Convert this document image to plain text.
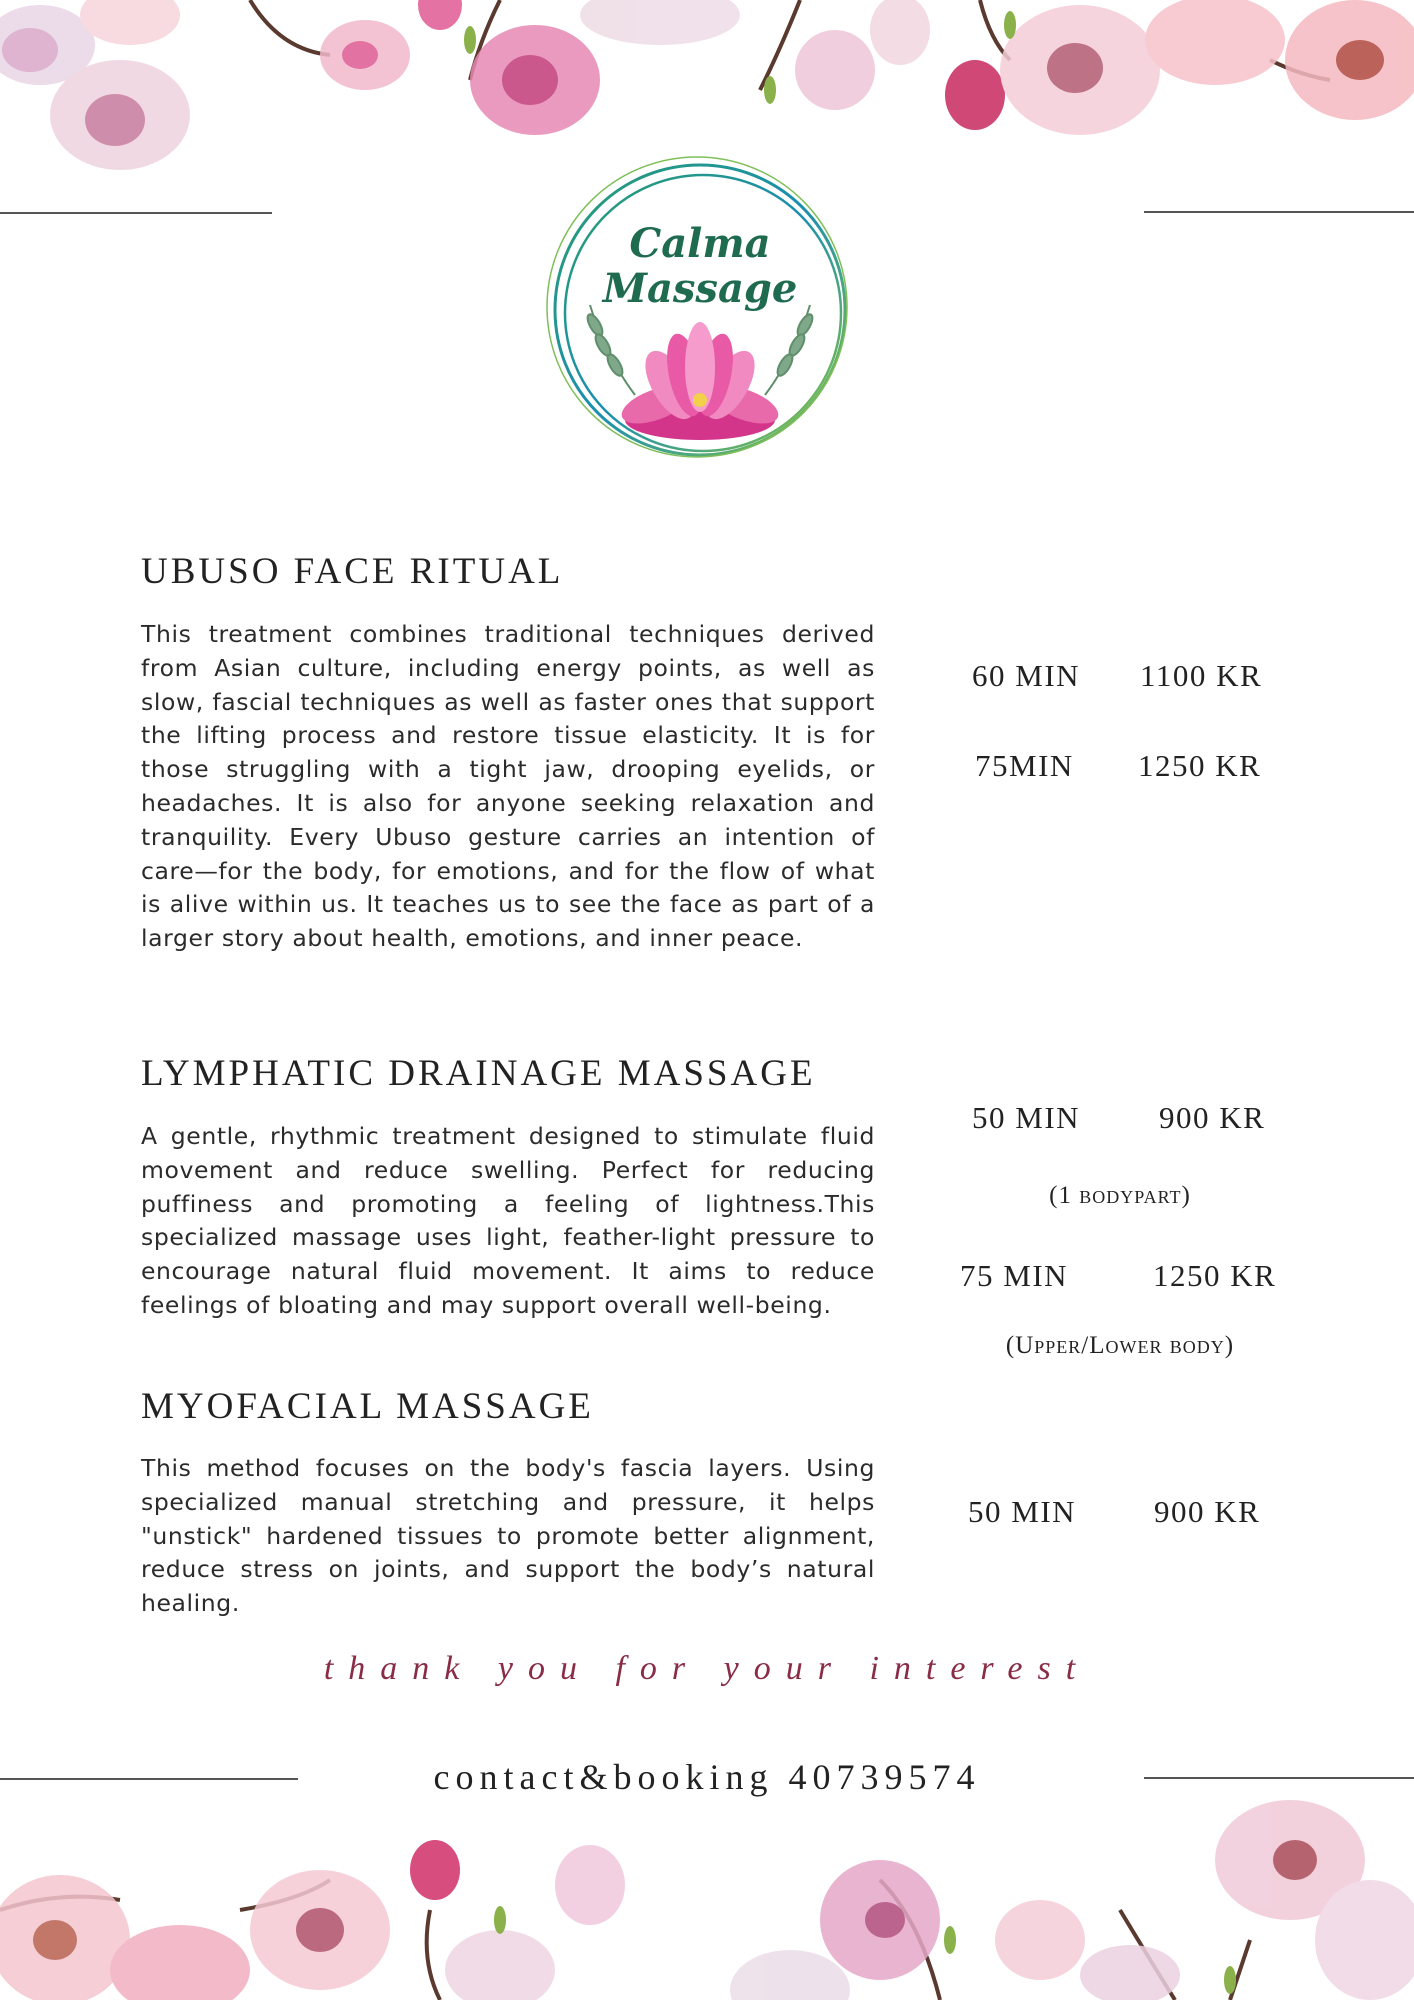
Calma
Massage
UBUSO FACE RITUAL
This treatment combines traditional techniques derived from Asian culture, including energy points, as well as slow, fascial techniques as well as faster ones that support the lifting process and restore tissue elasticity. It is for those struggling with a tight jaw, drooping eyelids, or headaches. It is also for anyone seeking relaxation and tranquility. Every Ubuso gesture carries an intention of care—for the body, for emotions, and for the flow of what is alive within us. It teaches us to see the face as part of a larger story about health, emotions, and inner peace.
60 MIN 1100 KR
75MIN 1250 KR
LYMPHATIC DRAINAGE MASSAGE
A gentle, rhythmic treatment designed to stimulate fluid movement and reduce swelling. Perfect for reducing puffiness and promoting a feeling of lightness.This specialized massage uses light, feather-light pressure to encourage natural fluid movement. It aims to reduce feelings of bloating and may support overall well-being.
50 MIN	900 KR
(1 bodypart)
75 MIN	1250 KR
(Upper/Lower body)
MYOFACIAL MASSAGE
This method focuses on the body's fascia layers. Using specialized manual stretching and pressure, it helps "unstick" hardened tissues to promote better alignment, reduce stress on joints, and support the body’s natural healing.
50 MIN	900 KR
thank you for your interest
contact&booking 40739574
